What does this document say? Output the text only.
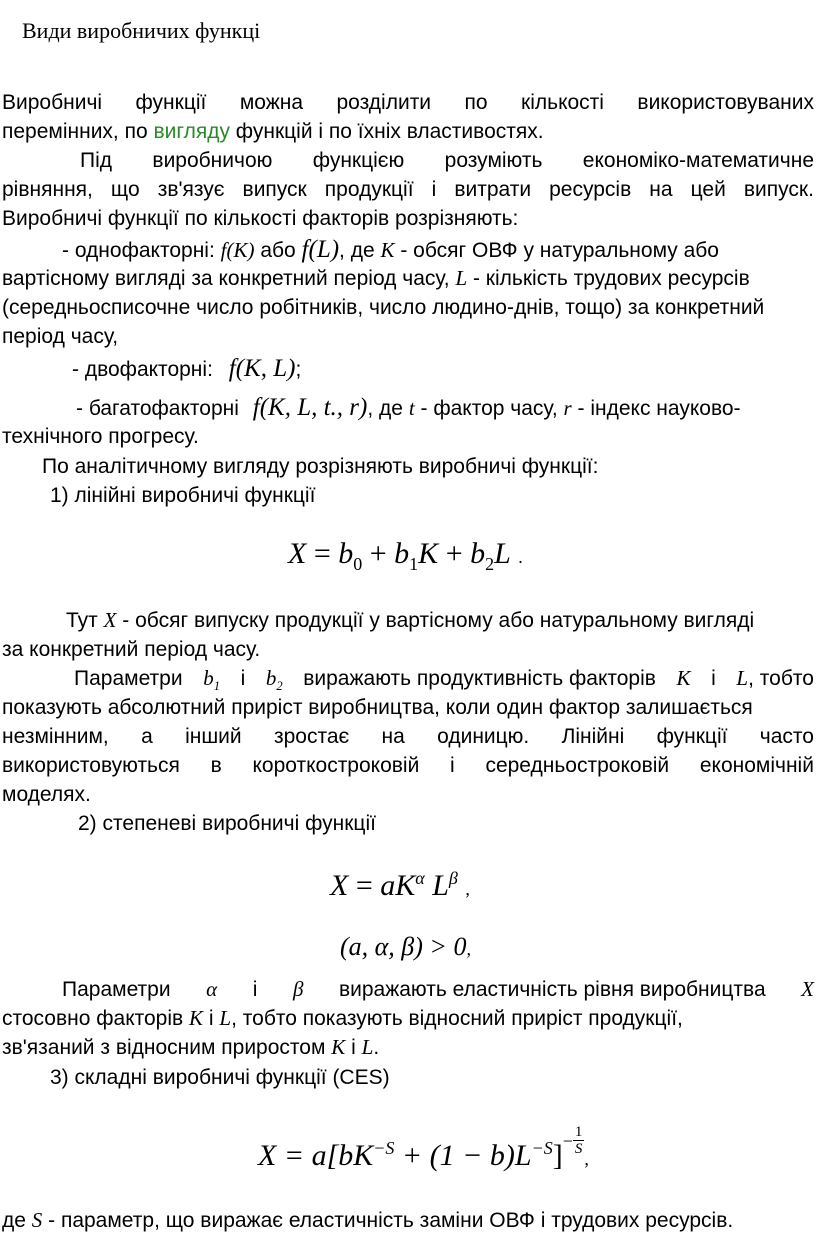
Види виробничих функці
Виробничі функції можна розділити по кількості використовуваних
перемінних, по вигляду функцій і по їхніх властивостях.
Під виробничою функцією розуміють економіко-математичне
рівняння, що зв'язує випуск продукції і витрати ресурсів на цей випуск.
Виробничі функції по кількості факторів розрізняють:
- однофакторні: f(K) або f(L), де K - обсяг ОВФ у натуральному або
вартісному вигляді за конкретний період часу, L - кількість трудових ресурсів
(середньосписочне число робітників, число людино-днів, тощо) за конкретний
період часу,
- двофакторні: f(K, L);
- багатофакторні f(K, L, t., r), де t - фактор часу, r - індекс науково-
технічного прогресу.
По аналітичному вигляду розрізняють виробничі функції:
1) лінійні виробничі функції
$X = b_0 + b_1K + b_2L$ .
Тут X - обсяг випуску продукції у вартісному або натуральному вигляді
за конкретний період часу.
Параметри $b_1$ і $b_2$ виражають продуктивність факторів K і L, тобто
показують абсолютний приріст виробництва, коли один фактор залишається
незмінним, а інший зростає на одиницю. Лінійні функції часто
використовуються в короткостроковій і середньостроковій економічній
моделях.
2) степеневі виробничі функції
$X = aK^\alpha$ $L^\beta$ ,
(a, α, β) > 0,
Параметри α і β виражають еластичність рівня виробництва X
стосовно факторів K і L, тобто показують відносний приріст продукції,
зв'язаний з відносним приростом K і L.
3) складні виробничі функції (CES)
$X = a[bK^{-S} + (1 - b)L^{-S}]^- \frac{1}{S}$
,
де S - параметр, що виражає еластичність заміни ОВФ і трудових ресурсів.
